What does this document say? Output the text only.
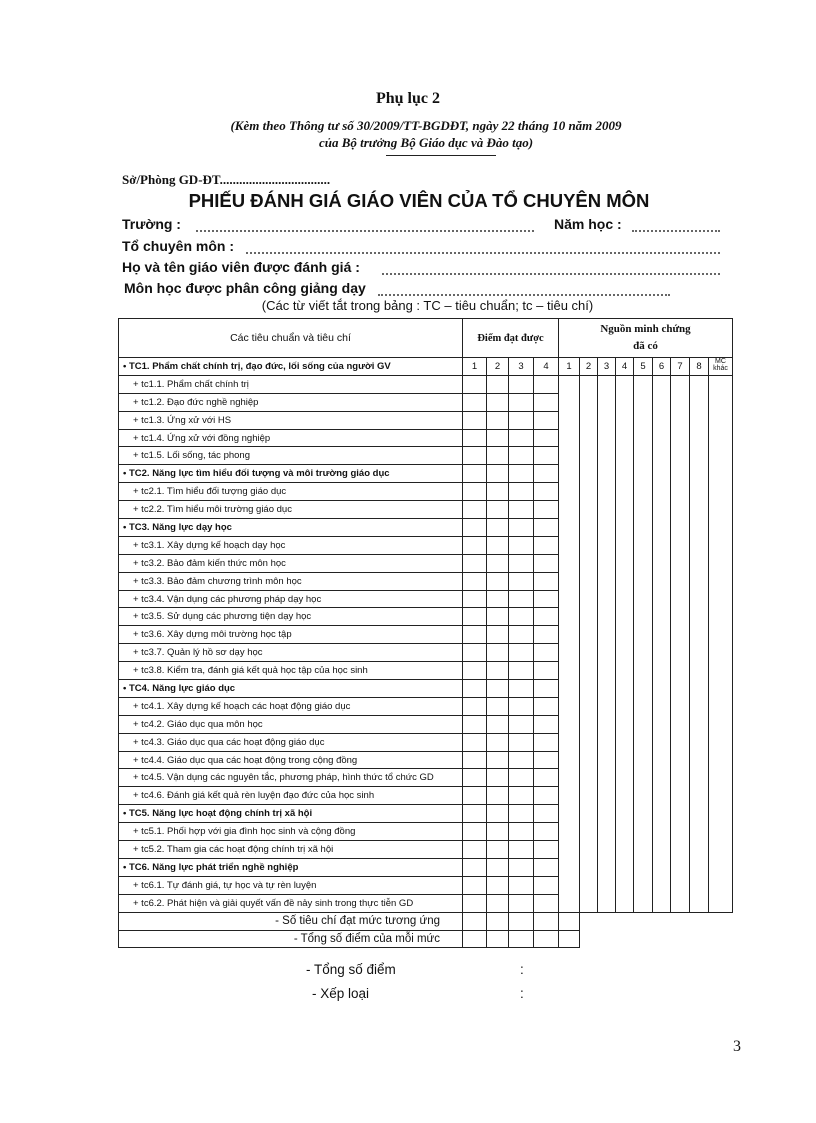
Phụ lục 2
(Kèm theo Thông tư số 30/2009/TT-BGDĐT, ngày 22 tháng 10 năm 2009
của Bộ trưởng Bộ Giáo dục và Đào tạo)
Sở/Phòng GD-ĐT..................................
PHIẾU ĐÁNH GIÁ GIÁO VIÊN CỦA TỔ CHUYÊN MÔN
Trường :	Năm học :
Tổ chuyên môn :
Họ và tên giáo viên được đánh giá :
Môn học được phân công giảng dạy
(Các từ viết tắt trong bảng : TC – tiêu chuẩn; tc – tiêu chí)
Các tiêu chuẩn và tiêu chí	Điểm đạt được				Nguồn minh chứng
đã có								
• TC1. Phẩm chất chính trị, đạo đức, lối sống của người GV	1	2	3	4	1	2	3	4	5	6	7	8	MC
khác
+ tc1.1. Phẩm chất chính trị													
+ tc1.2. Đạo đức nghề nghiệp													
+ tc1.3. Ứng xử với HS													
+ tc1.4. Ứng xử với đồng nghiệp													
+ tc1.5. Lối sống, tác phong													
• TC2. Năng lực tìm hiểu đối tượng và môi trường giáo dục													
+ tc2.1. Tìm hiểu đối tượng giáo dục													
+ tc2.2. Tìm hiểu môi trường giáo dục													
• TC3. Năng lực dạy học													
+ tc3.1. Xây dựng kế hoạch dạy học													
+ tc3.2. Bảo đảm kiến thức môn học													
+ tc3.3. Bảo đảm chương trình môn học													
+ tc3.4. Vận dụng các phương pháp dạy học													
+ tc3.5. Sử dụng các phương tiện dạy học													
+ tc3.6. Xây dựng môi trường học tập													
+ tc3.7. Quản lý hồ sơ dạy học													
+ tc3.8. Kiểm tra, đánh giá kết quả học tập của học sinh													
• TC4. Năng lực giáo dục													
+ tc4.1. Xây dựng kế hoạch các hoạt động giáo dục													
+ tc4.2. Giáo dục qua môn học													
+ tc4.3. Giáo dục qua các hoạt động giáo dục													
+ tc4.4. Giáo dục qua các hoạt động trong cộng đồng													
+ tc4.5. Vận dụng các nguyên tắc, phương pháp, hình thức tổ chức GD													
+ tc4.6. Đánh giá kết quả rèn luyện đạo đức của học sinh													
• TC5. Năng lực hoạt động chính trị xã hội													
+ tc5.1. Phối hợp với gia đình học sinh và cộng đồng													
+ tc5.2. Tham gia các hoạt động chính trị xã hội													
• TC6. Năng lực phát triển nghề nghiệp													
+ tc6.1. Tự đánh giá, tự học và tự rèn luyện													
+ tc6.2. Phát hiện và giải quyết vấn đề nảy sinh trong thực tiễn GD													
- Số tiêu chí đạt mức tương ứng													
- Tổng số điểm của mỗi mức													
- Tổng số điểm	:
- Xếp loại	:
3
